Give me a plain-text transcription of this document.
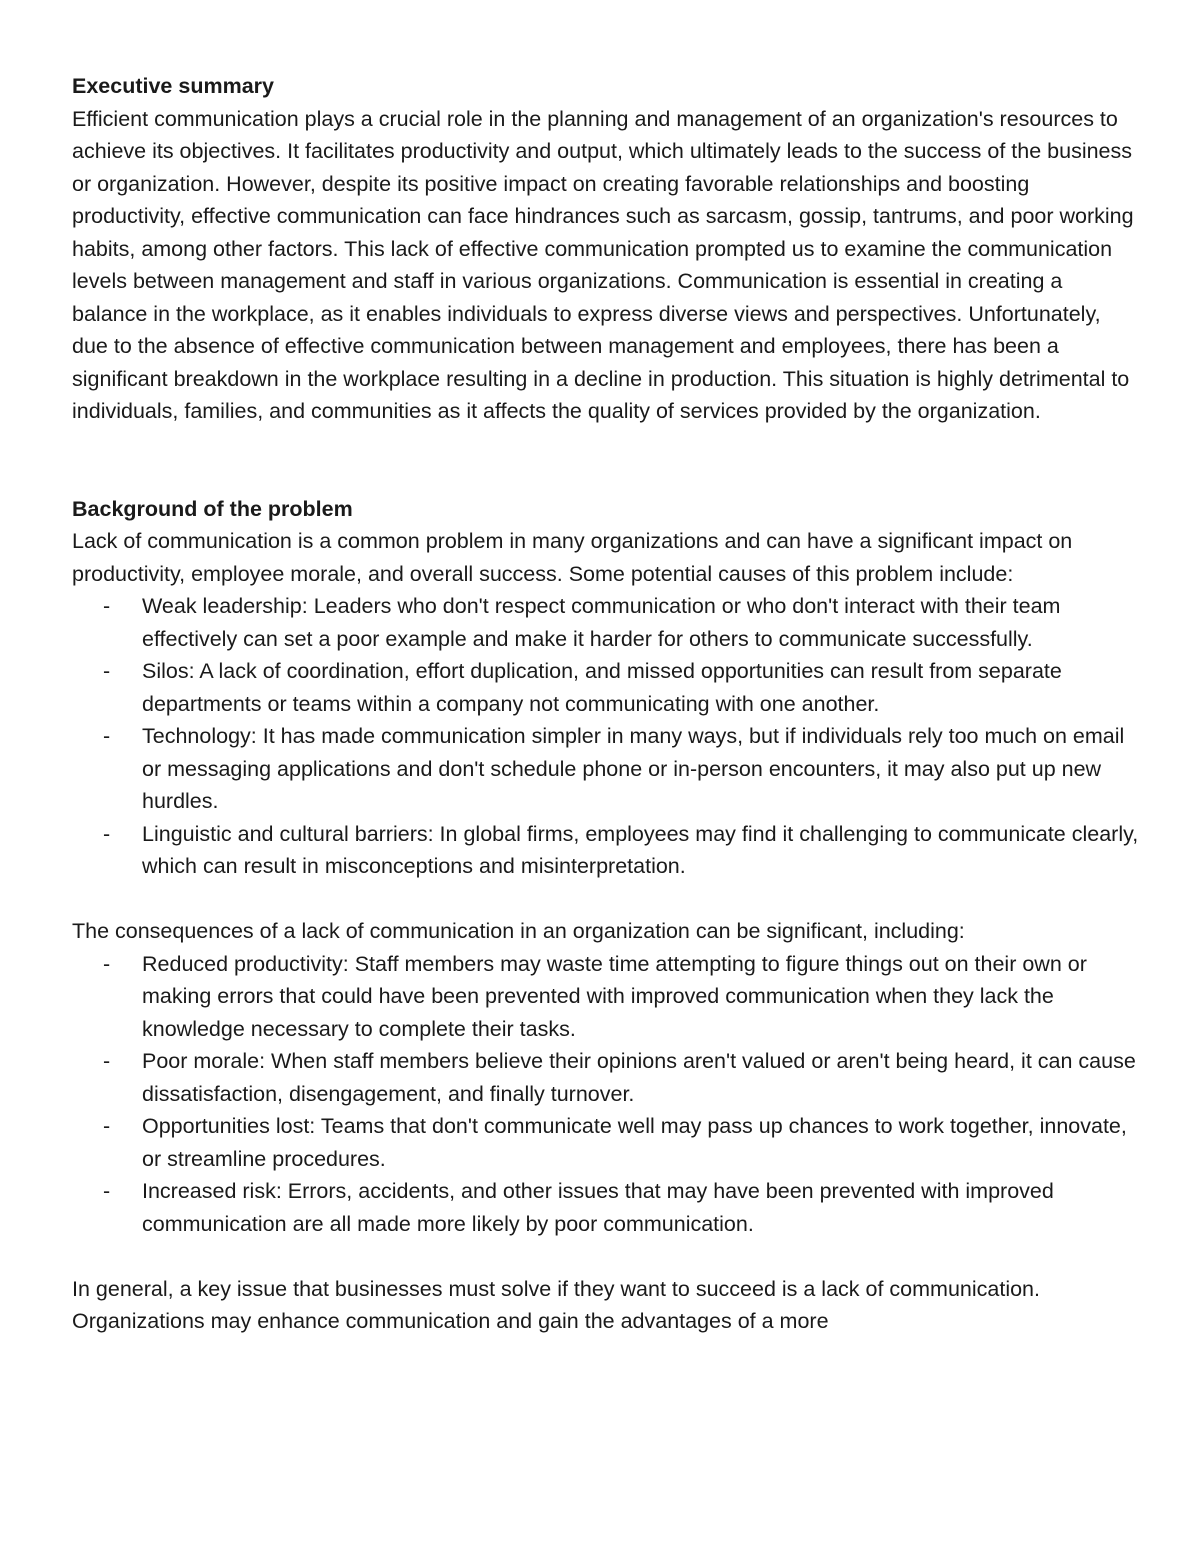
Executive summary

Efficient communication plays a crucial role in the planning and management of an organization's resources to achieve its objectives. It facilitates productivity and output, which ultimately leads to the success of the business or organization. However, despite its positive impact on creating favorable relationships and boosting productivity, effective communication can face hindrances such as sarcasm, gossip, tantrums, and poor working habits, among other factors. This lack of effective communication prompted us to examine the communication levels between management and staff in various organizations. Communication is essential in creating a balance in the workplace, as it enables individuals to express diverse views and perspectives. Unfortunately, due to the absence of effective communication between management and employees, there has been a significant breakdown in the workplace resulting in a decline in production. This situation is highly detrimental to individuals, families, and communities as it affects the quality of services provided by the organization.

Background of the problem

Lack of communication is a common problem in many organizations and can have a significant impact on productivity, employee morale, and overall success. Some potential causes of this problem include:

- Weak leadership: Leaders who don't respect communication or who don't interact with their team effectively can set a poor example and make it harder for others to communicate successfully.
- Silos: A lack of coordination, effort duplication, and missed opportunities can result from separate departments or teams within a company not communicating with one another.
- Technology: It has made communication simpler in many ways, but if individuals rely too much on email or messaging applications and don't schedule phone or in-person encounters, it may also put up new hurdles.
- Linguistic and cultural barriers: In global firms, employees may find it challenging to communicate clearly, which can result in misconceptions and misinterpretation.

The consequences of a lack of communication in an organization can be significant, including:

- Reduced productivity: Staff members may waste time attempting to figure things out on their own or making errors that could have been prevented with improved communication when they lack the knowledge necessary to complete their tasks.
- Poor morale: When staff members believe their opinions aren't valued or aren't being heard, it can cause dissatisfaction, disengagement, and finally turnover.
- Opportunities lost: Teams that don't communicate well may pass up chances to work together, innovate, or streamline procedures.
- Increased risk: Errors, accidents, and other issues that may have been prevented with improved communication are all made more likely by poor communication.

In general, a key issue that businesses must solve if they want to succeed is a lack of communication. Organizations may enhance communication and gain the advantages of a more
